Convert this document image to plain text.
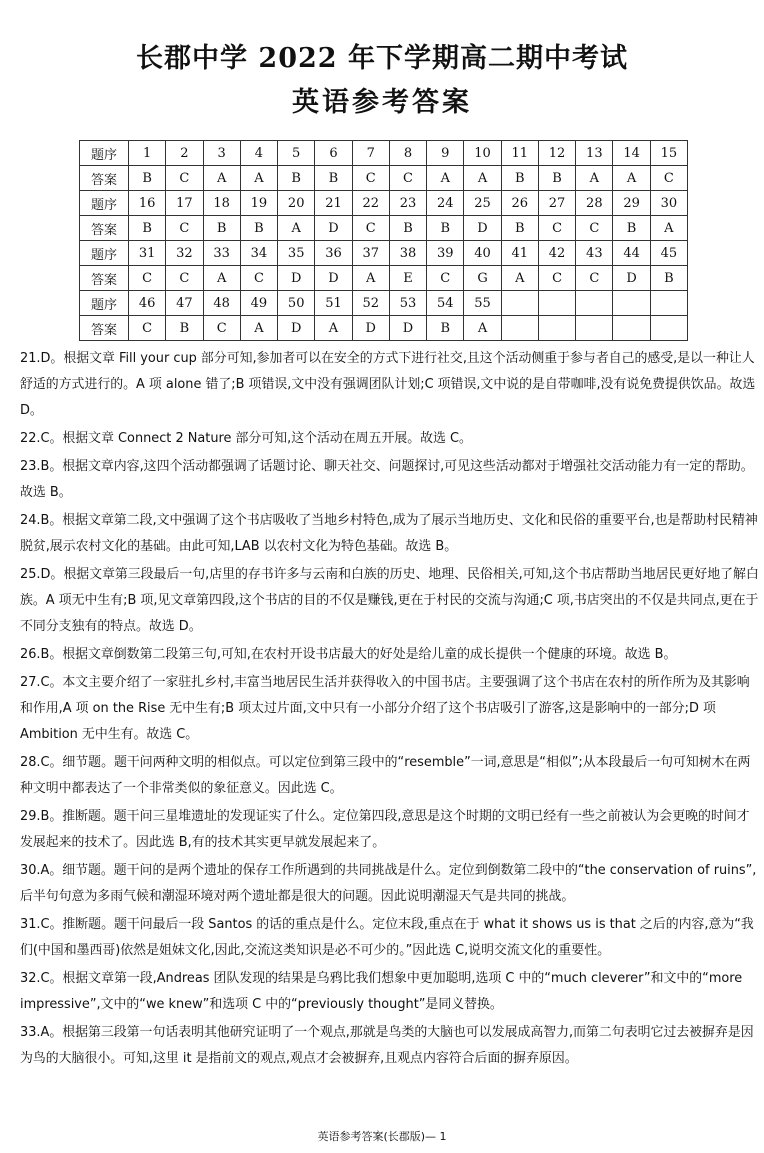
长郡中学 2022 年下学期高二期中考试
英语参考答案
题序	1	2	3	4	5	6	7	8	9	10	11	12	13	14	15
答案	B	C	A	A	B	B	C	C	A	A	B	B	A	A	C
题序	16	17	18	19	20	21	22	23	24	25	26	27	28	29	30
答案	B	C	B	B	A	D	C	B	B	D	B	C	C	B	A
题序	31	32	33	34	35	36	37	38	39	40	41	42	43	44	45
答案	C	C	A	C	D	D	A	E	C	G	A	C	C	D	B
题序	46	47	48	49	50	51	52	53	54	55					
答案	C	B	C	A	D	A	D	D	B	A					
21.D。根据文章 Fill your cup 部分可知,参加者可以在安全的方式下进行社交,且这个活动侧重于参与者自己的感受,是以一种让人舒适的方式进行的。A 项 alone 错了;B 项错误,文中没有强调团队计划;C 项错误,文中说的是自带咖啡,没有说免费提供饮品。故选 D。
22.C。根据文章 Connect 2 Nature 部分可知,这个活动在周五开展。故选 C。
23.B。根据文章内容,这四个活动都强调了话题讨论、聊天社交、问题探讨,可见这些活动都对于增强社交活动能力有一定的帮助。故选 B。
24.B。根据文章第二段,文中强调了这个书店吸收了当地乡村特色,成为了展示当地历史、文化和民俗的重要平台,也是帮助村民精神脱贫,展示农村文化的基础。由此可知,LAB 以农村文化为特色基础。故选 B。
25.D。根据文章第三段最后一句,店里的存书许多与云南和白族的历史、地理、民俗相关,可知,这个书店帮助当地居民更好地了解白族。A 项无中生有;B 项,见文章第四段,这个书店的目的不仅是赚钱,更在于村民的交流与沟通;C 项,书店突出的不仅是共同点,更在于不同分支独有的特点。故选 D。
26.B。根据文章倒数第二段第三句,可知,在农村开设书店最大的好处是给儿童的成长提供一个健康的环境。故选 B。
27.C。本文主要介绍了一家驻扎乡村,丰富当地居民生活并获得收入的中国书店。主要强调了这个书店在农村的所作所为及其影响和作用,A 项 on the Rise 无中生有;B 项太过片面,文中只有一小部分介绍了这个书店吸引了游客,这是影响中的一部分;D 项 Ambition 无中生有。故选 C。
28.C。细节题。题干问两种文明的相似点。可以定位到第三段中的“resemble”一词,意思是“相似”;从本段最后一句可知树木在两种文明中都表达了一个非常类似的象征意义。因此选 C。
29.B。推断题。题干问三星堆遗址的发现证实了什么。定位第四段,意思是这个时期的文明已经有一些之前被认为会更晚的时间才发展起来的技术了。因此选 B,有的技术其实更早就发展起来了。
30.A。细节题。题干问的是两个遗址的保存工作所遇到的共同挑战是什么。定位到倒数第二段中的“the conservation of ruins”,后半句句意为多雨气候和潮湿环境对两个遗址都是很大的问题。因此说明潮湿天气是共同的挑战。
31.C。推断题。题干问最后一段 Santos 的话的重点是什么。定位末段,重点在于 what it shows us is that 之后的内容,意为“我们(中国和墨西哥)依然是姐妹文化,因此,交流这类知识是必不可少的。”因此选 C,说明交流文化的重要性。
32.C。根据文章第一段,Andreas 团队发现的结果是乌鸦比我们想象中更加聪明,选项 C 中的“much cleverer”和文中的“more impressive”,文中的“we knew”和选项 C 中的“previously thought”是同义替换。
33.A。根据第三段第一句话表明其他研究证明了一个观点,那就是鸟类的大脑也可以发展成高智力,而第二句表明它过去被摒弃是因为鸟的大脑很小。可知,这里 it 是指前文的观点,观点才会被摒弃,且观点内容符合后面的摒弃原因。
英语参考答案(长郡版)— 1
